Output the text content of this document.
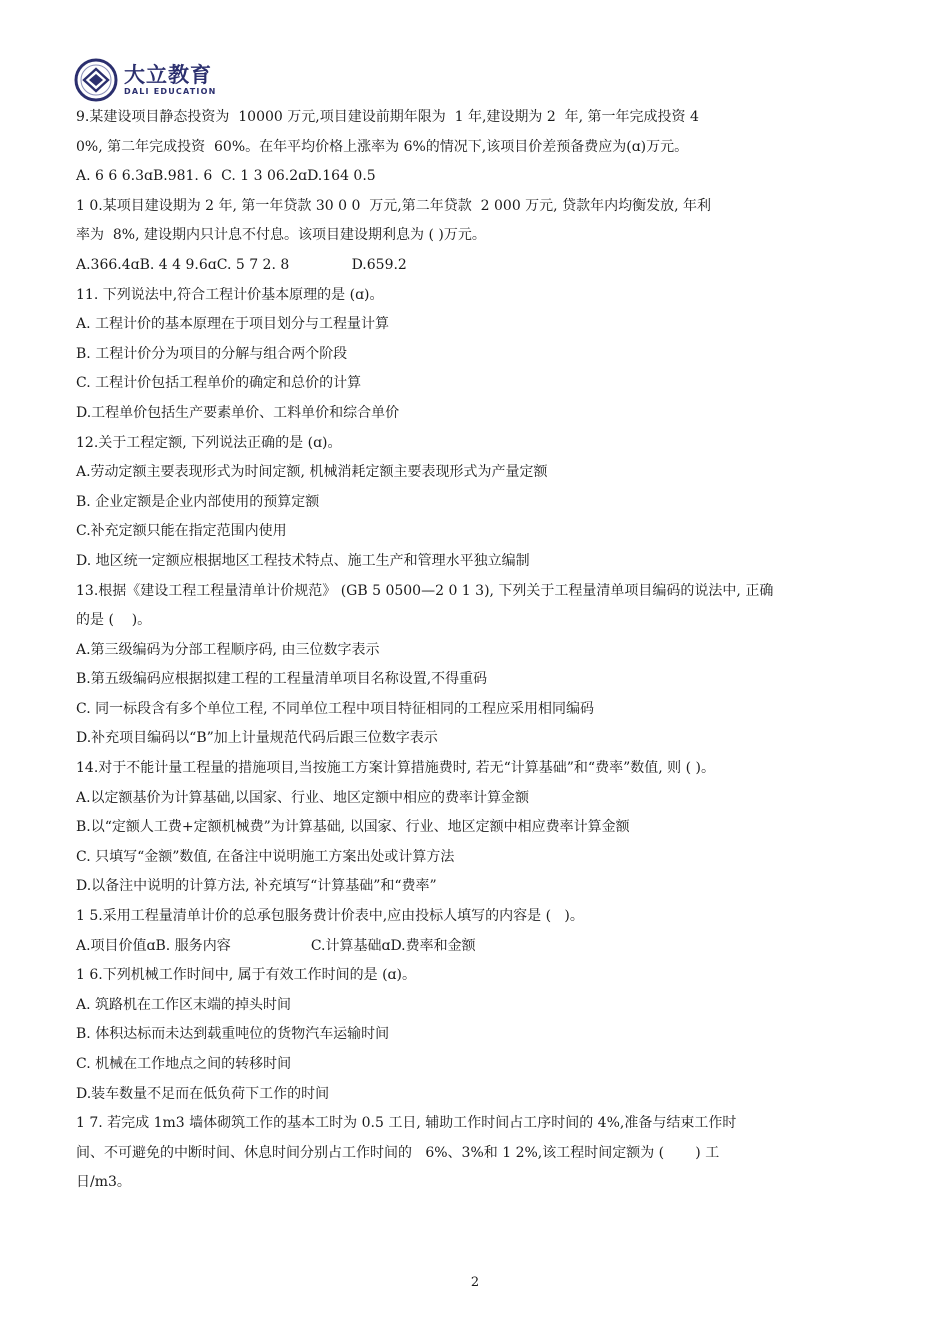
大立教育
DALI EDUCATION
9.某建设项目静态投资为  10000 万元,项目建设前期年限为  1 年,建设期为 2  年, 第一年完成投资 4
0%, 第二年完成投资  60%。在年平均价格上涨率为 6%的情况下,该项目价差预备费应为(ɑ)万元。
A. 6 6 6.3ɑB.981. 6  C. 1 3 06.2ɑD.164 0.5
1 0.某项目建设期为 2 年, 第一年贷款 30 0 0  万元,第二年贷款  2 000 万元, 贷款年内均衡发放, 年利
率为  8%, 建设期内只计息不付息。该项目建设期利息为 ( )万元。
A.366.4ɑB. 4 4 9.6ɑC. 5 7 2. 8              D.659.2
11. 下列说法中,符合工程计价基本原理的是 (ɑ)。
A. 工程计价的基本原理在于项目划分与工程量计算
B. 工程计价分为项目的分解与组合两个阶段
C. 工程计价包括工程单价的确定和总价的计算
D.工程单价包括生产要素单价、工料单价和综合单价
12.关于工程定额, 下列说法正确的是 (ɑ)。
A.劳动定额主要表现形式为时间定额, 机械消耗定额主要表现形式为产量定额
B. 企业定额是企业内部使用的预算定额
C.补充定额只能在指定范围内使用
D. 地区统一定额应根据地区工程技术特点、施工生产和管理水平独立编制
13.根据《建设工程工程量清单计价规范》 (GB 5 0500—2 0 1 3), 下列关于工程量清单项目编码的说法中, 正确
的是 (    )。
A.第三级编码为分部工程顺序码, 由三位数字表示
B.第五级编码应根据拟建工程的工程量清单项目名称设置,不得重码
C. 同一标段含有多个单位工程, 不同单位工程中项目特征相同的工程应采用相同编码
D.补充项目编码以“B”加上计量规范代码后跟三位数字表示
14.对于不能计量工程量的措施项目,当按施工方案计算措施费时, 若无“计算基础”和“费率”数值, 则 ( )。
A.以定额基价为计算基础,以国家、行业、地区定额中相应的费率计算金额
B.以“定额人工费+定额机械费”为计算基础, 以国家、行业、地区定额中相应费率计算金额
C. 只填写“金额”数值, 在备注中说明施工方案出处或计算方法
D.以备注中说明的计算方法, 补充填写“计算基础”和“费率”
1 5.采用工程量清单计价的总承包服务费计价表中,应由投标人填写的内容是 (   )。
A.项目价值ɑB. 服务内容                  C.计算基础ɑD.费率和金额
1 6.下列机械工作时间中, 属于有效工作时间的是 (ɑ)。
A. 筑路机在工作区末端的掉头时间
B. 体积达标而未达到载重吨位的货物汽车运输时间
C. 机械在工作地点之间的转移时间
D.装车数量不足而在低负荷下工作的时间
1 7. 若完成 1m3 墙体砌筑工作的基本工时为 0.5 工日, 辅助工作时间占工序时间的 4%,准备与结束工作时
间、不可避免的中断时间、休息时间分别占工作时间的   6%、3%和 1 2%,该工程时间定额为 (       ) 工
日/m3。
2
